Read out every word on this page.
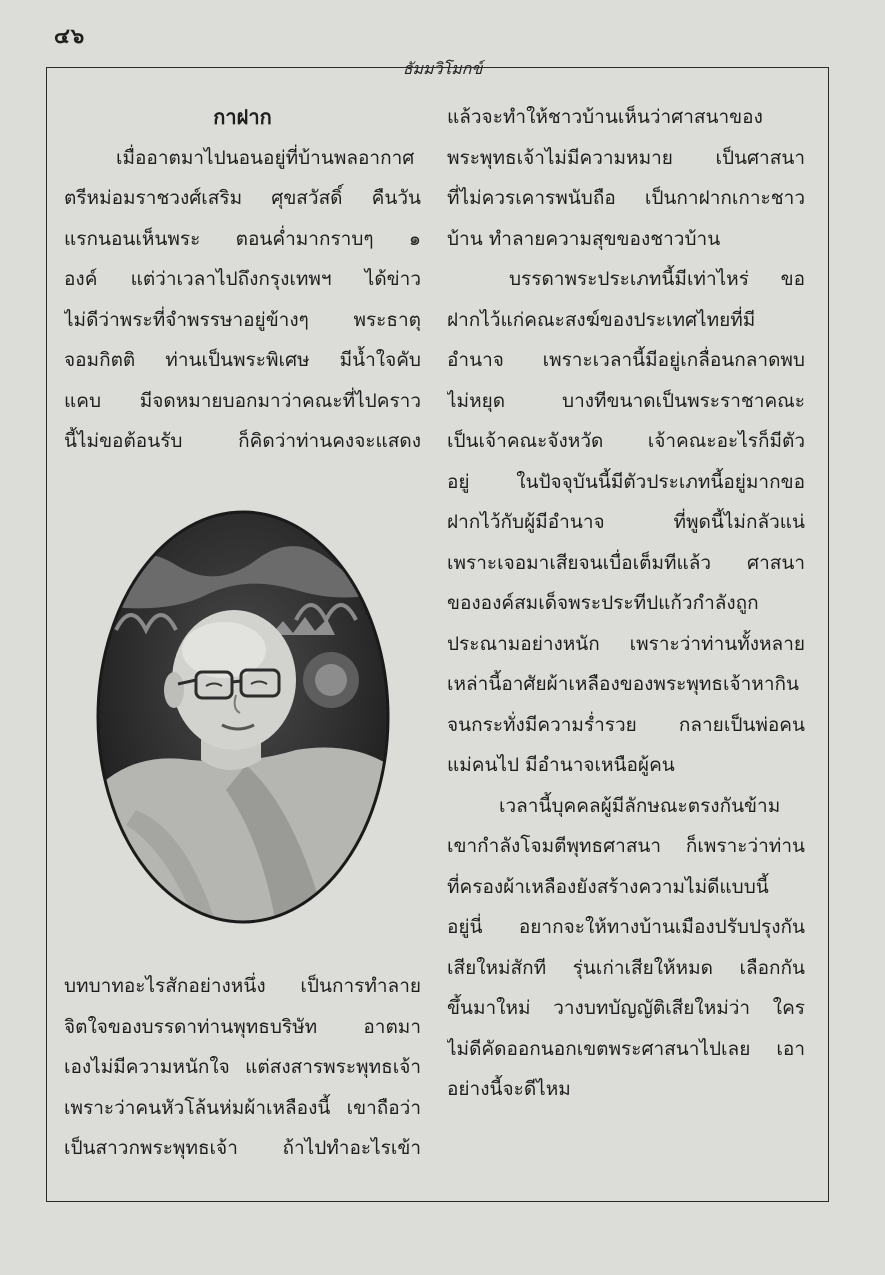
๔๖
ธัมมวิโมกข์

กาฝาก

เมื่ออาตมาไปนอนอยู่ที่บ้านพลอากาศ

ตรีหม่อมราชวงศ์เสริม ศุขสวัสดิ์ คืนวัน

แรกนอนเห็นพระ ตอนค่ำมากราบๆ ๑

องค์ แต่ว่าเวลาไปถึงกรุงเทพฯ ได้ข่าว

ไม่ดีว่าพระที่จำพรรษาอยู่ข้างๆ พระธาตุ

จอมกิตติ ท่านเป็นพระพิเศษ มีน้ำใจคับ

แคบ มีจดหมายบอกมาว่าคณะที่ไปคราว

นี้ไม่ขอต้อนรับ ก็คิดว่าท่านคงจะแสดง

บทบาทอะไรสักอย่างหนึ่ง เป็นการทำลาย

จิตใจของบรรดาท่านพุทธบริษัท อาตมา

เองไม่มีความหนักใจ แต่สงสารพระพุทธเจ้า

เพราะว่าคนหัวโล้นห่มผ้าเหลืองนี้ เขาถือว่า

เป็นสาวกพระพุทธเจ้า ถ้าไปทำอะไรเข้า

แล้วจะทำให้ชาวบ้านเห็นว่าศาสนาของ

พระพุทธเจ้าไม่มีความหมาย เป็นศาสนา

ที่ไม่ควรเคารพนับถือ เป็นกาฝากเกาะชาว

บ้าน ทำลายความสุขของชาวบ้าน

บรรดาพระประเภทนี้มีเท่าไหร่ ขอ

ฝากไว้แก่คณะสงฆ์ของประเทศไทยที่มี

อำนาจ เพราะเวลานี้มีอยู่เกลื่อนกลาดพบ

ไม่หยุด บางทีขนาดเป็นพระราชาคณะ

เป็นเจ้าคณะจังหวัด เจ้าคณะอะไรก็มีตัว

อยู่ ในปัจจุบันนี้มีตัวประเภทนี้อยู่มากขอ

ฝากไว้กับผู้มีอำนาจ ที่พูดนี้ไม่กลัวแน่

เพราะเจอมาเสียจนเบื่อเต็มทีแล้ว ศาสนา

ขององค์สมเด็จพระประทีปแก้วกำลังถูก

ประณามอย่างหนัก เพราะว่าท่านทั้งหลาย

เหล่านี้อาศัยผ้าเหลืองของพระพุทธเจ้าหากิน

จนกระทั่งมีความร่ำรวย กลายเป็นพ่อคน

แม่คนไป มีอำนาจเหนือผู้คน

เวลานี้บุคคลผู้มีลักษณะตรงกันข้าม

เขากำลังโจมตีพุทธศาสนา ก็เพราะว่าท่าน

ที่ครองผ้าเหลืองยังสร้างความไม่ดีแบบนี้

อยู่นี่ อยากจะให้ทางบ้านเมืองปรับปรุงกัน

เสียใหม่สักที รุ่นเก่าเสียให้หมด เลือกกัน

ขึ้นมาใหม่ วางบทบัญญัติเสียใหม่ว่า ใคร

ไม่ดีคัดออกนอกเขตพระศาสนาไปเลย เอา

อย่างนี้จะดีไหม
